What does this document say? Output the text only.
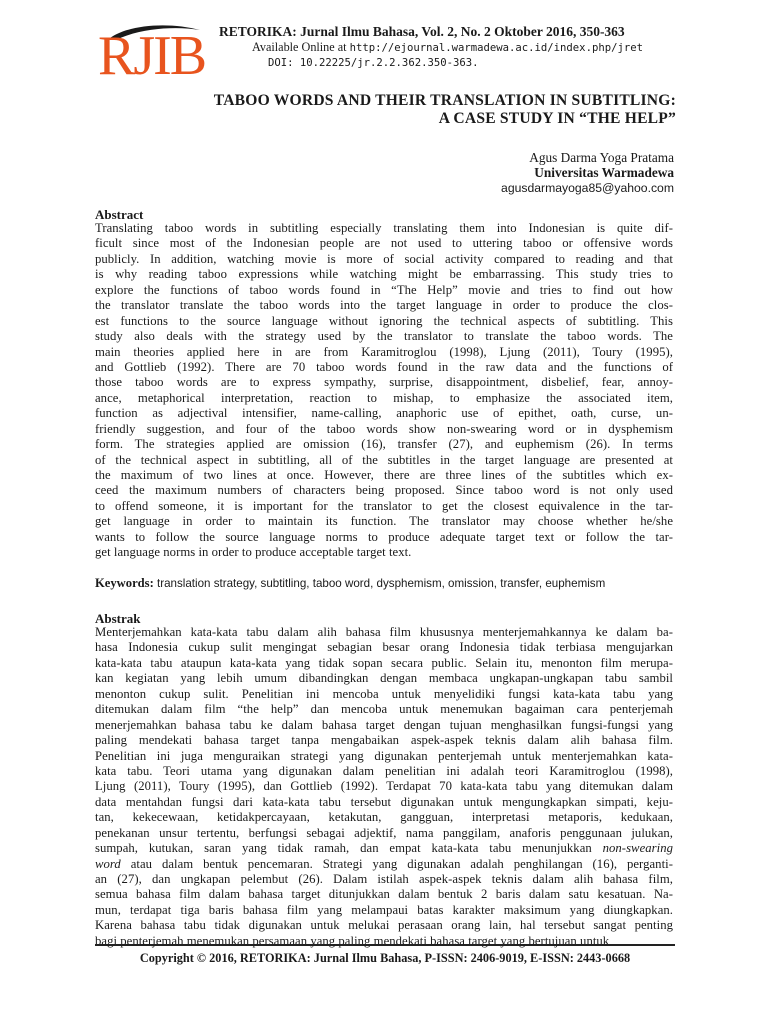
RJIB RETORIKA: Jurnal Ilmu Bahasa, Vol. 2, No. 2 Oktober 2016, 350-363
Available Online at http://ejournal.warmadewa.ac.id/index.php/jret
DOI: 10.22225/jr.2.2.362.350-363.
TABOO WORDS AND THEIR TRANSLATION IN SUBTITLING:
A CASE STUDY IN “THE HELP”
Agus Darma Yoga Pratama
Universitas Warmadewa
agusdarmayoga85@yahoo.com
Abstract
Translating taboo words in subtitling especially translating them into Indonesian is quite dif-
ficult since most of the Indonesian people are not used to uttering taboo or offensive words
publicly. In addition, watching movie is more of social activity compared to reading and that
is why reading taboo expressions while watching might be embarrassing. This study tries to
explore the functions of taboo words found in “The Help” movie and tries to find out how
the translator translate the taboo words into the target language in order to produce the clos-
est functions to the source language without ignoring the technical aspects of subtitling. This
study also deals with the strategy used by the translator to translate the taboo words. The
main theories applied here in are from Karamitroglou (1998), Ljung (2011), Toury (1995),
and Gottlieb (1992). There are 70 taboo words found in the raw data and the functions of
those taboo words are to express sympathy, surprise, disappointment, disbelief, fear, annoy-
ance, metaphorical interpretation, reaction to mishap, to emphasize the associated item,
function as adjectival intensifier, name-calling, anaphoric use of epithet, oath, curse, un-
friendly suggestion, and four of the taboo words show non-swearing word or in dysphemism
form. The strategies applied are omission (16), transfer (27), and euphemism (26). In terms
of the technical aspect in subtitling, all of the subtitles in the target language are presented at
the maximum of two lines at once. However, there are three lines of the subtitles which ex-
ceed the maximum numbers of characters being proposed. Since taboo word is not only used
to offend someone, it is important for the translator to get the closest equivalence in the tar-
get language in order to maintain its function. The translator may choose whether he/she
wants to follow the source language norms to produce adequate target text or follow the tar-
get language norms in order to produce acceptable target text.
Keywords: translation strategy, subtitling, taboo word, dysphemism, omission, transfer, euphemism
Abstrak
Menterjemahkan kata-kata tabu dalam alih bahasa film khususnya menterjemahkannya ke dalam ba-
hasa Indonesia cukup sulit mengingat sebagian besar orang Indonesia tidak terbiasa mengujarkan
kata-kata tabu ataupun kata-kata yang tidak sopan secara public. Selain itu, menonton film merupa-
kan kegiatan yang lebih umum dibandingkan dengan membaca ungkapan-ungkapan tabu sambil
menonton cukup sulit. Penelitian ini mencoba untuk menyelidiki fungsi kata-kata tabu yang
ditemukan dalam film “the help” dan mencoba untuk menemukan bagaiman cara penterjemah
menerjemahkan bahasa tabu ke dalam bahasa target dengan tujuan menghasilkan fungsi-fungsi yang
paling mendekati bahasa target tanpa mengabaikan aspek-aspek teknis dalam alih bahasa film.
Penelitian ini juga menguraikan strategi yang digunakan penterjemah untuk menterjemahkan kata-
kata tabu. Teori utama yang digunakan dalam penelitian ini adalah teori Karamitroglou (1998),
Ljung (2011), Toury (1995), dan Gottlieb (1992). Terdapat 70 kata-kata tabu yang ditemukan dalam
data mentahdan fungsi dari kata-kata tabu tersebut digunakan untuk mengungkapkan simpati, keju-
tan, kekecewaan, ketidakpercayaan, ketakutan, gangguan, interpretasi metaporis, kedukaan,
penekanan unsur tertentu, berfungsi sebagai adjektif, nama panggilam, anaforis penggunaan julukan,
sumpah, kutukan, saran yang tidak ramah, dan empat kata-kata tabu menunjukkan non-swearing
word atau dalam bentuk pencemaran. Strategi yang digunakan adalah penghilangan (16), perganti-
an (27), dan ungkapan pelembut (26). Dalam istilah aspek-aspek teknis dalam alih bahasa film,
semua bahasa film dalam bahasa target ditunjukkan dalam bentuk 2 baris dalam satu kesatuan. Na-
mun, terdapat tiga baris bahasa film yang melampaui batas karakter maksimum yang diungkapkan.
Karena bahasa tabu tidak digunakan untuk melukai perasaan orang lain, hal tersebut sangat penting
bagi penterjemah menemukan persamaan yang paling mendekati bahasa target yang bertujuan untuk
Copyright © 2016, RETORIKA: Jurnal Ilmu Bahasa, P-ISSN: 2406-9019, E-ISSN: 2443-0668
